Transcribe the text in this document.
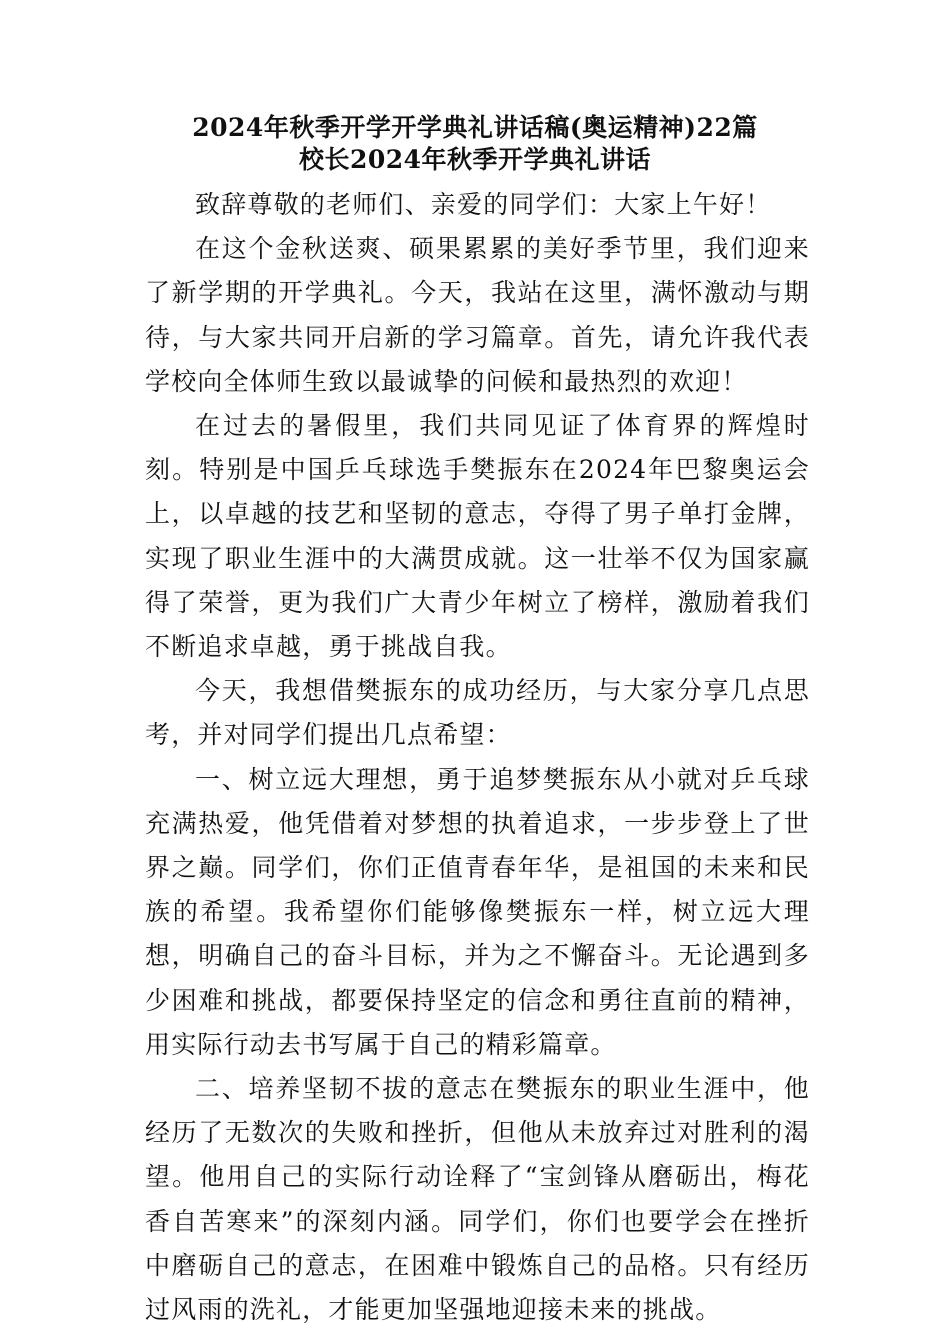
2024年秋季开学开学典礼讲话稿(奥运精神)22篇
校长2024年秋季开学典礼讲话

致辞尊敬的老师们、亲爱的同学们：大家上午好！

在这个金秋送爽、硕果累累的美好季节里，我们迎来了新学期的开学典礼。今天，我站在这里，满怀激动与期待，与大家共同开启新的学习篇章。首先，请允许我代表学校向全体师生致以最诚挚的问候和最热烈的欢迎！

在过去的暑假里，我们共同见证了体育界的辉煌时刻。特别是中国乒乓球选手樊振东在2024年巴黎奥运会上，以卓越的技艺和坚韧的意志，夺得了男子单打金牌，实现了职业生涯中的大满贯成就。这一壮举不仅为国家赢得了荣誉，更为我们广大青少年树立了榜样，激励着我们不断追求卓越，勇于挑战自我。

今天，我想借樊振东的成功经历，与大家分享几点思考，并对同学们提出几点希望：

一、树立远大理想，勇于追梦樊振东从小就对乒乓球充满热爱，他凭借着对梦想的执着追求，一步步登上了世界之巅。同学们，你们正值青春年华，是祖国的未来和民族的希望。我希望你们能够像樊振东一样，树立远大理想，明确自己的奋斗目标，并为之不懈奋斗。无论遇到多少困难和挑战，都要保持坚定的信念和勇往直前的精神，用实际行动去书写属于自己的精彩篇章。

二、培养坚韧不拔的意志在樊振东的职业生涯中，他经历了无数次的失败和挫折，但他从未放弃过对胜利的渴望。他用自己的实际行动诠释了“宝剑锋从磨砺出，梅花香自苦寒来”的深刻内涵。同学们，你们也要学会在挫折中磨砺自己的意志，在困难中锻炼自己的品格。只有经历过风雨的洗礼，才能更加坚强地迎接未来的挑战。
